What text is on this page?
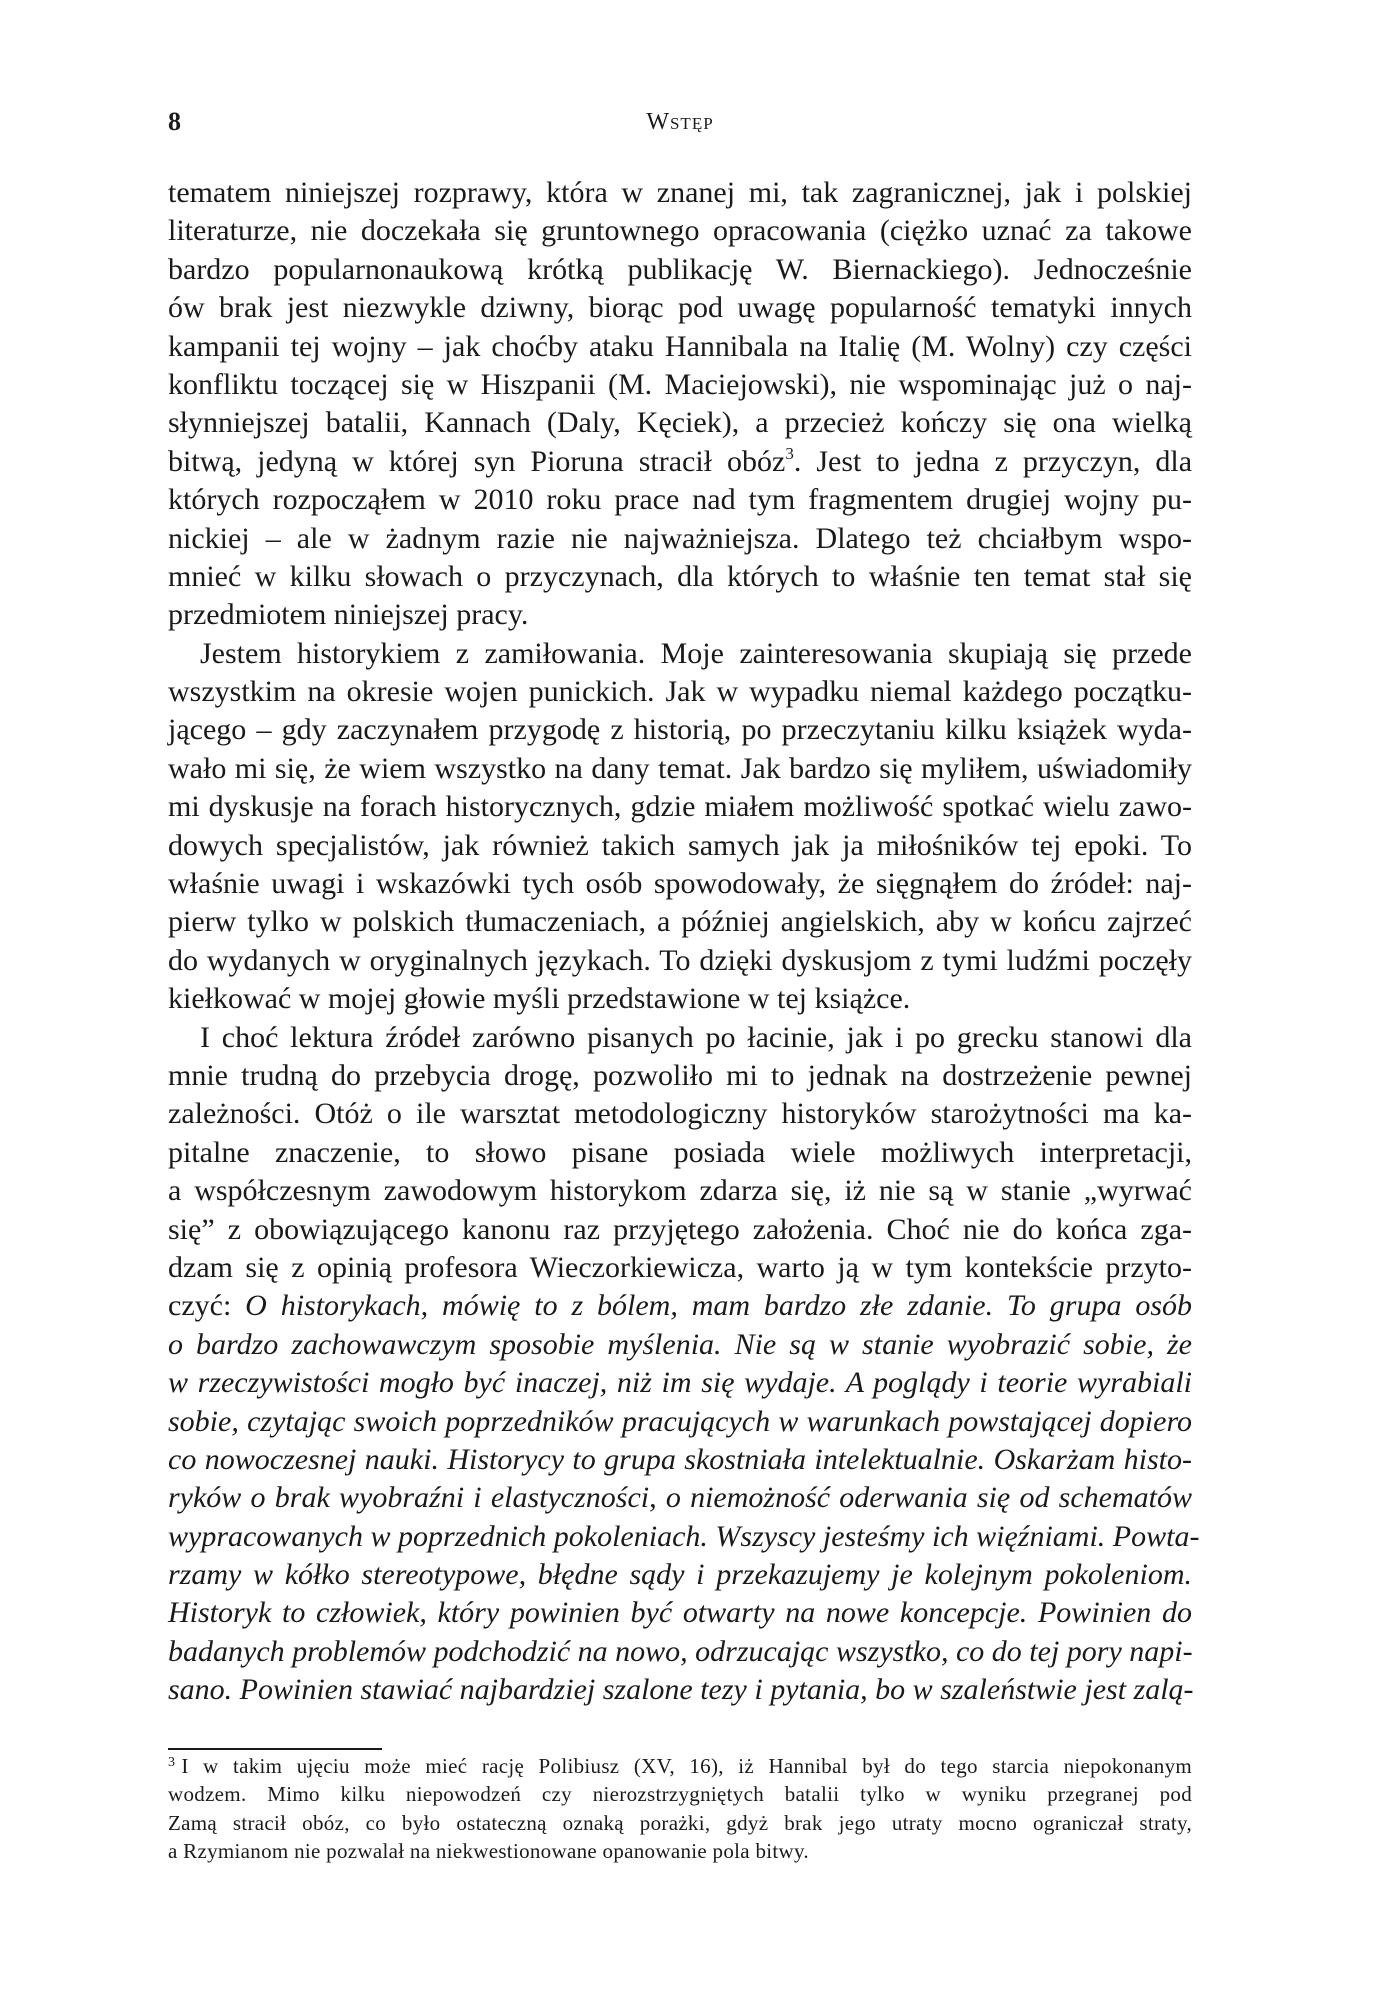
8	Wstęp
tematem niniejszej rozprawy, która w znanej mi, tak zagranicznej, jak i polskiej
literaturze, nie doczekała się gruntownego opracowania (ciężko uznać za takowe
bardzo popularnonaukową krótką publikację W. Biernackiego). Jednocześnie
ów brak jest niezwykle dziwny, biorąc pod uwagę popularność tematyki innych
kampanii tej wojny – jak choćby ataku Hannibala na Italię (M. Wolny) czy części
konfliktu toczącej się w Hiszpanii (M. Maciejowski), nie wspominając już o naj-
słynniejszej batalii, Kannach (Daly, Kęciek), a przecież kończy się ona wielką
bitwą, jedyną w której syn Pioruna stracił obóz$^3$. Jest to jedna z przyczyn, dla
których rozpocząłem w 2010 roku prace nad tym fragmentem drugiej wojny pu-
nickiej – ale w żadnym razie nie najważniejsza. Dlatego też chciałbym wspo-
mnieć w kilku słowach o przyczynach, dla których to właśnie ten temat stał się
przedmiotem niniejszej pracy.
Jestem historykiem z zamiłowania. Moje zainteresowania skupiają się przede
wszystkim na okresie wojen punickich. Jak w wypadku niemal każdego początku-
jącego – gdy zaczynałem przygodę z historią, po przeczytaniu kilku książek wyda-
wało mi się, że wiem wszystko na dany temat. Jak bardzo się myliłem, uświadomiły
mi dyskusje na forach historycznych, gdzie miałem możliwość spotkać wielu zawo-
dowych specjalistów, jak również takich samych jak ja miłośników tej epoki. To
właśnie uwagi i wskazówki tych osób spowodowały, że sięgnąłem do źródeł: naj-
pierw tylko w polskich tłumaczeniach, a później angielskich, aby w końcu zajrzeć
do wydanych w oryginalnych językach. To dzięki dyskusjom z tymi ludźmi poczęły
kiełkować w mojej głowie myśli przedstawione w tej książce.
I choć lektura źródeł zarówno pisanych po łacinie, jak i po grecku stanowi dla
mnie trudną do przebycia drogę, pozwoliło mi to jednak na dostrzeżenie pewnej
zależności. Otóż o ile warsztat metodologiczny historyków starożytności ma ka-
pitalne znaczenie, to słowo pisane posiada wiele możliwych interpretacji,
a współczesnym zawodowym historykom zdarza się, iż nie są w stanie „wyrwać
się” z obowiązującego kanonu raz przyjętego założenia. Choć nie do końca zga-
dzam się z opinią profesora Wieczorkiewicza, warto ją w tym kontekście przyto-
czyć: O historykach, mówię to z bólem, mam bardzo złe zdanie. To grupa osób
o bardzo zachowawczym sposobie myślenia. Nie są w stanie wyobrazić sobie, że
w rzeczywistości mogło być inaczej, niż im się wydaje. A poglądy i teorie wyrabiali
sobie, czytając swoich poprzedników pracujących w warunkach powstającej dopiero
co nowoczesnej nauki. Historycy to grupa skostniała intelektualnie. Oskarżam histo-
ryków o brak wyobraźni i elastyczności, o niemożność oderwania się od schematów
wypracowanych w poprzednich pokoleniach. Wszyscy jesteśmy ich więźniami. Powta-
rzamy w kółko stereotypowe, błędne sądy i przekazujemy je kolejnym pokoleniom.
Historyk to człowiek, który powinien być otwarty na nowe koncepcje. Powinien do
badanych problemów podchodzić na nowo, odrzucając wszystko, co do tej pory napi-
sano. Powinien stawiać najbardziej szalone tezy i pytania, bo w szaleństwie jest zalą-
$^3$ I w takim ujęciu może mieć rację Polibiusz (XV, 16), iż Hannibal był do tego starcia niepokonanym
wodzem. Mimo kilku niepowodzeń czy nierozstrzygniętych batalii tylko w wyniku przegranej pod
Zamą stracił obóz, co było ostateczną oznaką porażki, gdyż brak jego utraty mocno ograniczał straty,
a Rzymianom nie pozwalał na niekwestionowane opanowanie pola bitwy.
